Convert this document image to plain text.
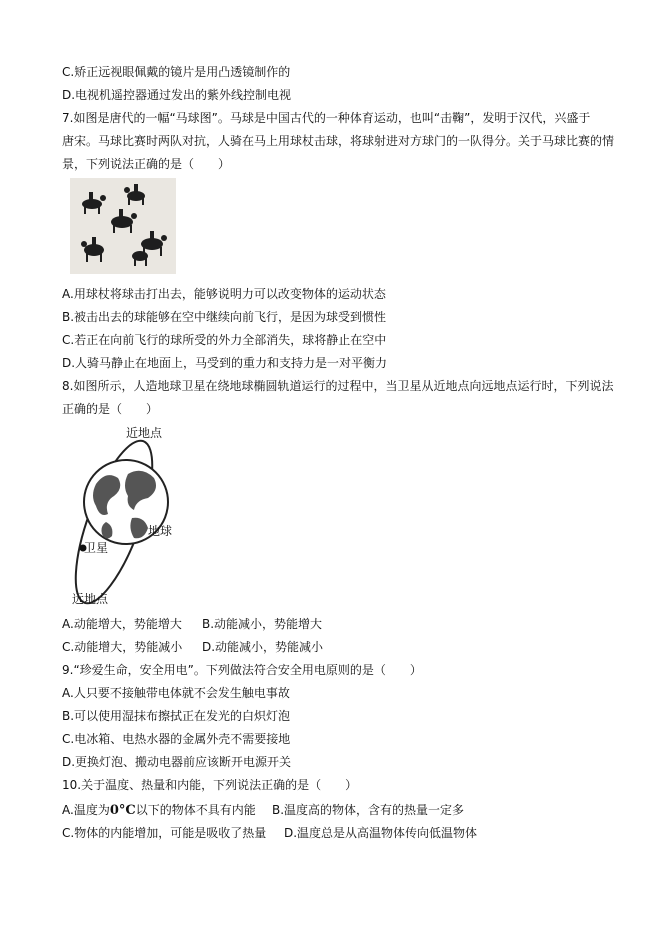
C.矫正远视眼佩戴的镜片是用凸透镜制作的
D.电视机遥控器通过发出的紫外线控制电视
7.如图是唐代的一幅“马球图”。马球是中国古代的一种体育运动，也叫“击鞠”，发明于汉代，兴盛于
唐宋。马球比赛时两队对抗，人骑在马上用球杖击球，将球射进对方球门的一队得分。关于马球比赛的情
景，下列说法正确的是（　　）
A.用球杖将球击打出去，能够说明力可以改变物体的运动状态
B.被击出去的球能够在空中继续向前飞行，是因为球受到惯性
C.若正在向前飞行的球所受的外力全部消失，球将静止在空中
D.人骑马静止在地面上，马受到的重力和支持力是一对平衡力
8.如图所示，人造地球卫星在绕地球椭圆轨道运行的过程中，当卫星从近地点向远地点运行时，下列说法
正确的是（　　）
近地点
地球
卫星
远地点
A.动能增大，势能增大 B.动能减小，势能增大
C.动能增大，势能减小 D.动能减小，势能减小
9.“珍爱生命，安全用电”。下列做法符合安全用电原则的是（　　）
A.人只要不接触带电体就不会发生触电事故
B.可以使用湿抹布擦拭正在发光的白炽灯泡
C.电冰箱、电热水器的金属外壳不需要接地
D.更换灯泡、搬动电器前应该断开电源开关
10.关于温度、热量和内能，下列说法正确的是（　　）
A.温度为0°C以下的物体不具有内能 B.温度高的物体，含有的热量一定多
C.物体的内能增加，可能是吸收了热量 D.温度总是从高温物体传向低温物体
